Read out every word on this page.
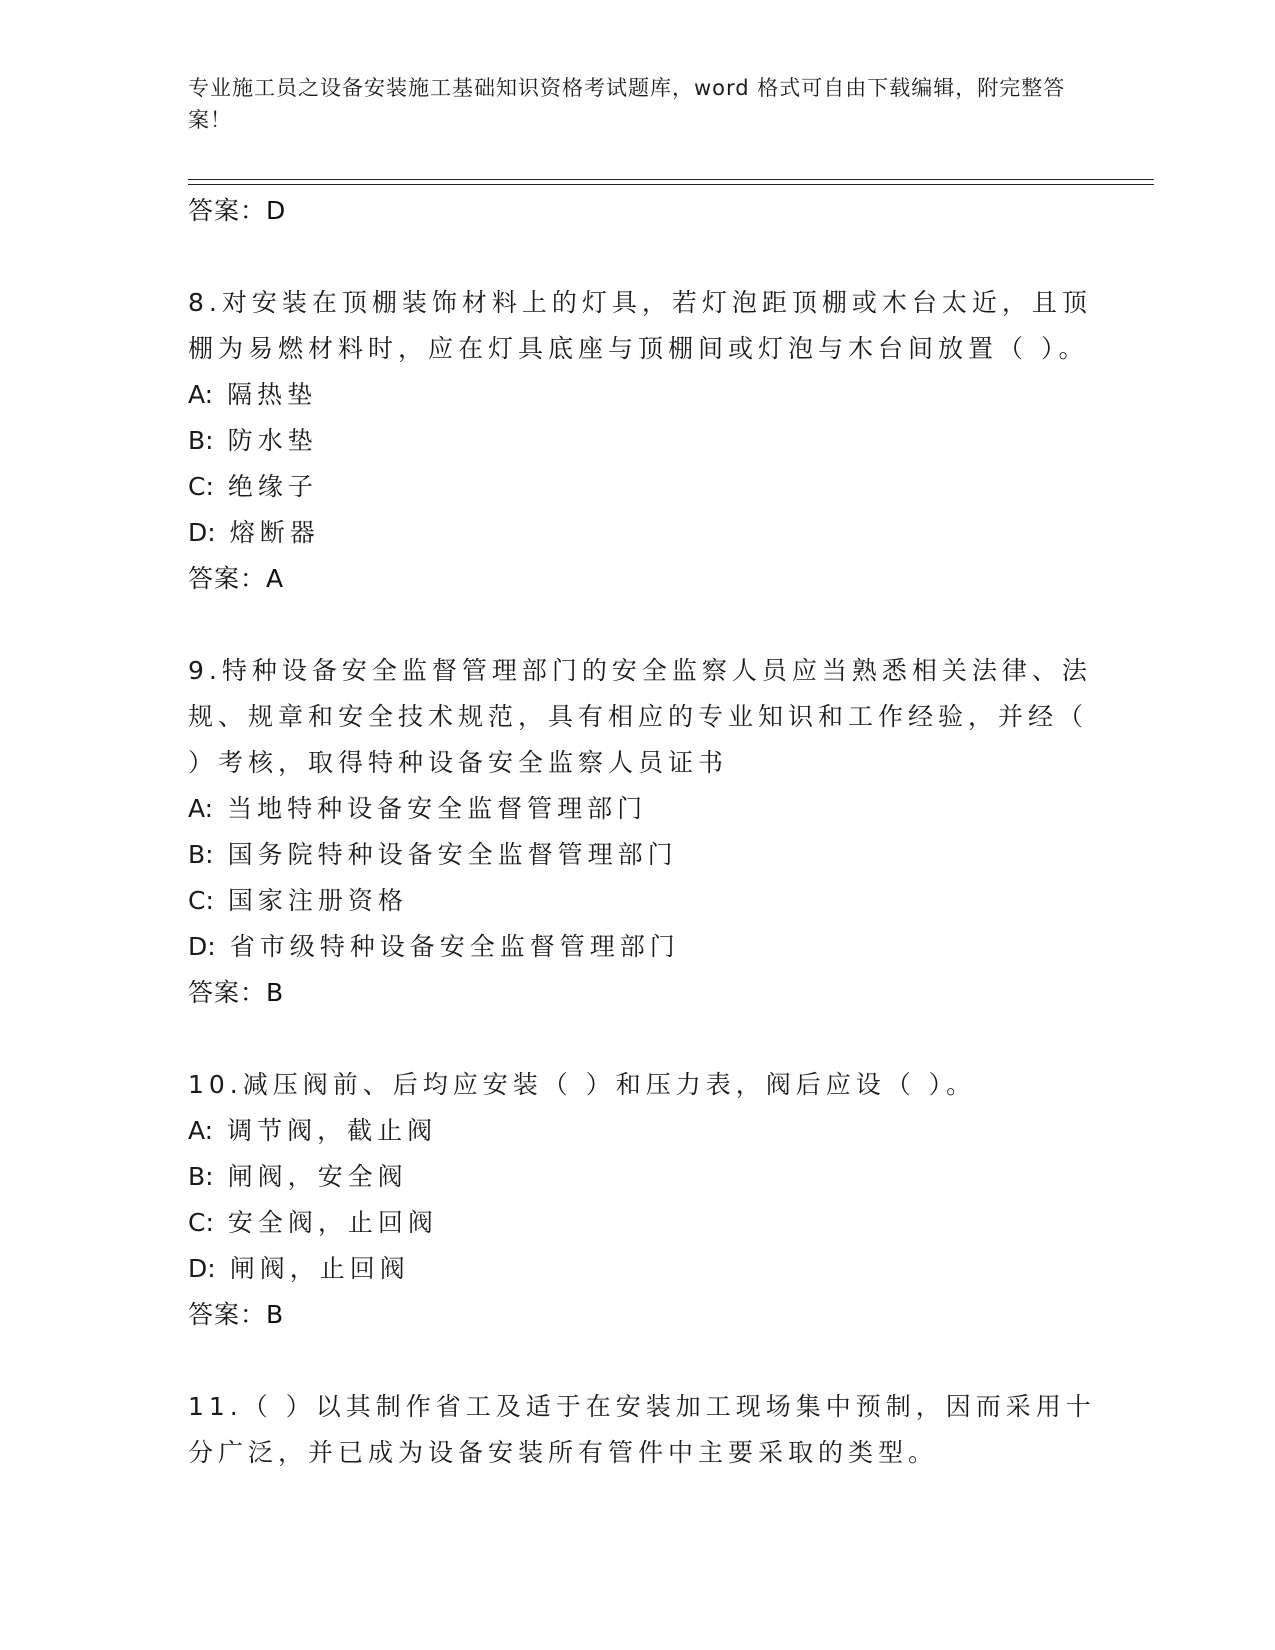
专业施工员之设备安装施工基础知识资格考试题库，word 格式可自由下载编辑，附完整答案！
答案：D
8.对安装在顶棚装饰材料上的灯具，若灯泡距顶棚或木台太近，且顶
棚为易燃材料时，应在灯具底座与顶棚间或灯泡与木台间放置（ ）。
A: 隔热垫
B: 防水垫
C: 绝缘子
D: 熔断器
答案：A
9.特种设备安全监督管理部门的安全监察人员应当熟悉相关法律、法
规、规章和安全技术规范，具有相应的专业知识和工作经验，并经（
）考核，取得特种设备安全监察人员证书
A: 当地特种设备安全监督管理部门
B: 国务院特种设备安全监督管理部门
C: 国家注册资格
D: 省市级特种设备安全监督管理部门
答案：B
10.减压阀前、后均应安装（ ）和压力表，阀后应设（ ）。
A: 调节阀，截止阀
B: 闸阀，安全阀
C: 安全阀，止回阀
D: 闸阀，止回阀
答案：B
11.（ ）以其制作省工及适于在安装加工现场集中预制，因而采用十
分广泛，并已成为设备安装所有管件中主要采取的类型。
